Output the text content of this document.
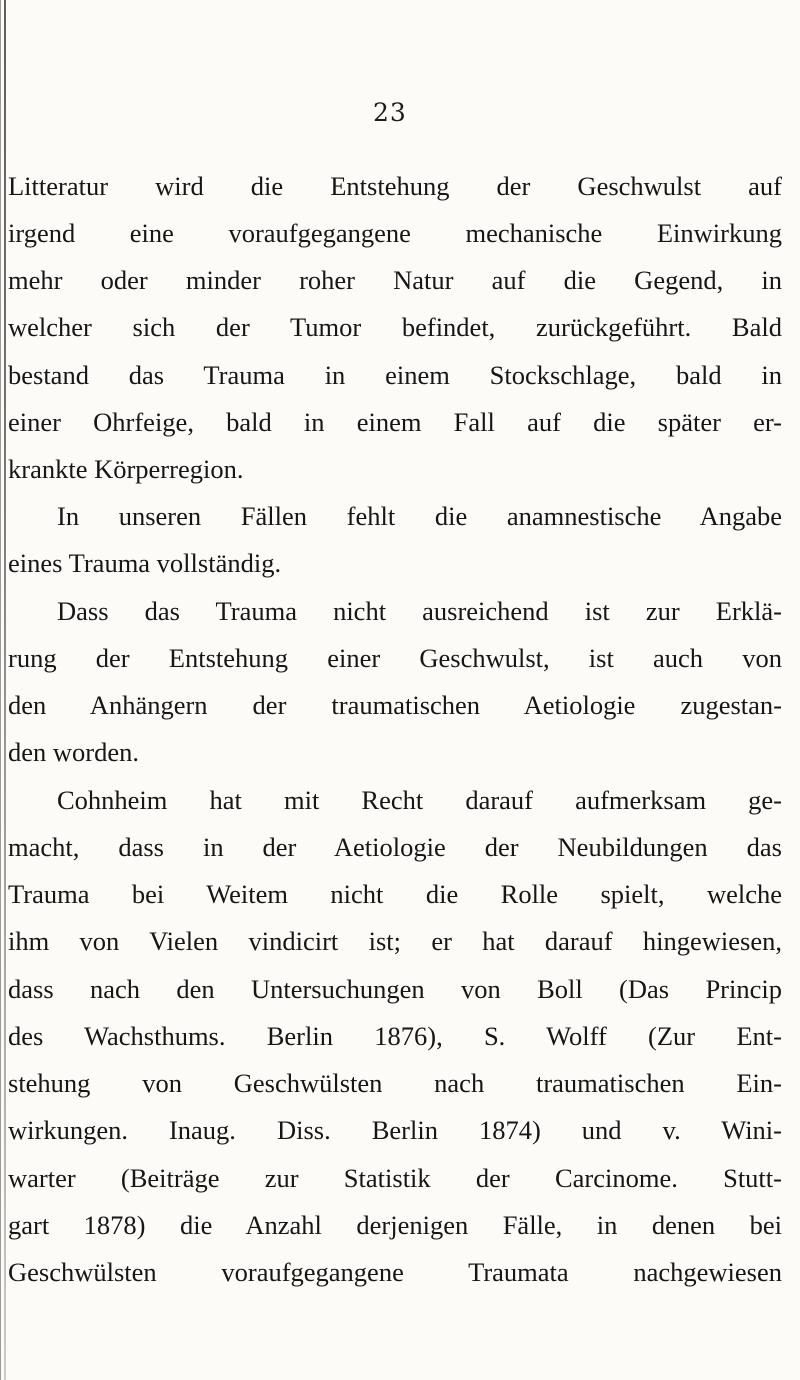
23
Litteratur wird die Entstehung der Geschwulst auf
irgend eine voraufgegangene mechanische Einwirkung
mehr oder minder roher Natur auf die Gegend, in
welcher sich der Tumor befindet, zurückgeführt. Bald
bestand das Trauma in einem Stockschlage, bald in
einer Ohrfeige, bald in einem Fall auf die später er-
krankte Körperregion.
In unseren Fällen fehlt die anamnestische Angabe
eines Trauma vollständig.
Dass das Trauma nicht ausreichend ist zur Erklä-
rung der Entstehung einer Geschwulst, ist auch von
den Anhängern der traumatischen Aetiologie zugestan-
den worden.
Cohnheim hat mit Recht darauf aufmerksam ge-
macht, dass in der Aetiologie der Neubildungen das
Trauma bei Weitem nicht die Rolle spielt, welche
ihm von Vielen vindicirt ist; er hat darauf hingewiesen,
dass nach den Untersuchungen von Boll (Das Princip
des Wachsthums. Berlin 1876), S. Wolff (Zur Ent-
stehung von Geschwülsten nach traumatischen Ein-
wirkungen. Inaug. Diss. Berlin 1874) und v. Wini-
warter (Beiträge zur Statistik der Carcinome. Stutt-
gart 1878) die Anzahl derjenigen Fälle, in denen bei
Geschwülsten voraufgegangene Traumata nachgewiesen
